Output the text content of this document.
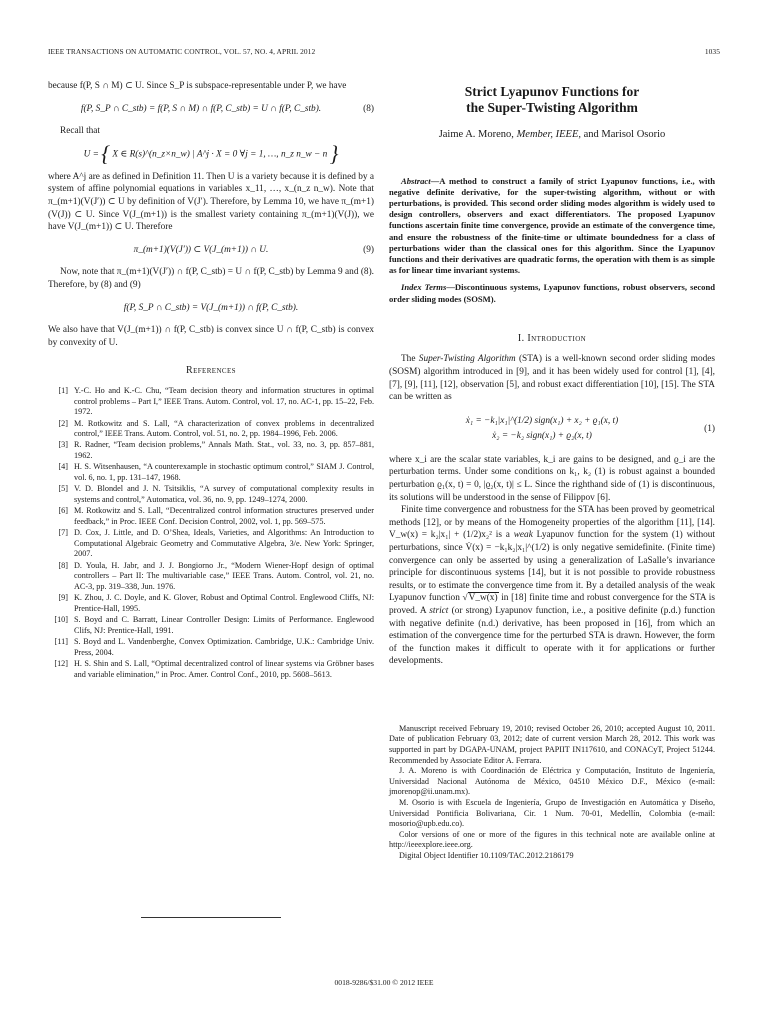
IEEE TRANSACTIONS ON AUTOMATIC CONTROL, VOL. 57, NO. 4, APRIL 2012	1035

because f(P, S ∩ M) ⊂ U. Since S_P is subspace-representable under P, we have

f(P, S_P ∩ C_stb) = f(P, S ∩ M) ∩ f(P, C_stb) = U ∩ f(P, C_stb).	(8)

Recall that

U = { X ∈ R(s)^(n_z×n_w) | A^j · X = 0 ∀j = 1, …, n_z n_w − n }

where A^j are as defined in Definition 11. Then U is a variety because it is defined by a system of affine polynomial equations in variables x_11, …, x_(n_z n_w). Note that π_(m+1)(V(J′)) ⊂ U by definition of V(J′). Therefore, by Lemma 10, we have π_(m+1)(V(J)) ⊂ U. Since V(J_(m+1)) is the smallest variety containing π_(m+1)(V(J)), we have V(J_(m+1)) ⊂ U. Therefore

π_(m+1)(V(J′)) ⊂ V(J_(m+1)) ∩ U.	(9)

Now, note that π_(m+1)(V(J′)) ∩ f(P, C_stb) = U ∩ f(P, C_stb) by Lemma 9 and (8). Therefore, by (8) and (9)

f(P, S_P ∩ C_stb) = V(J_(m+1)) ∩ f(P, C_stb).

We also have that V(J_(m+1)) ∩ f(P, C_stb) is convex since U ∩ f(P, C_stb) is convex by convexity of U.

References
[1] Y.-C. Ho and K.-C. Chu, “Team decision theory and information structures in optimal control problems – Part I,” IEEE Trans. Autom. Control, vol. 17, no. AC-1, pp. 15–22, Feb. 1972.
[2] M. Rotkowitz and S. Lall, “A characterization of convex problems in decentralized control,” IEEE Trans. Autom. Control, vol. 51, no. 2, pp. 1984–1996, Feb. 2006.
[3] R. Radner, “Team decision problems,” Annals Math. Stat., vol. 33, no. 3, pp. 857–881, 1962.
[4] H. S. Witsenhausen, “A counterexample in stochastic optimum control,” SIAM J. Control, vol. 6, no. 1, pp. 131–147, 1968.
[5] V. D. Blondel and J. N. Tsitsiklis, “A survey of computational complexity results in systems and control,” Automatica, vol. 36, no. 9, pp. 1249–1274, 2000.
[6] M. Rotkowitz and S. Lall, “Decentralized control information structures preserved under feedback,” in Proc. IEEE Conf. Decision Control, 2002, vol. 1, pp. 569–575.
[7] D. Cox, J. Little, and D. O’Shea, Ideals, Varieties, and Algorithms: An Introduction to Computational Algebraic Geometry and Commutative Algebra, 3/e. New York: Springer, 2007.
[8] D. Youla, H. Jabr, and J. J. Bongiorno Jr., “Modern Wiener-Hopf design of optimal controllers – Part II: The multivariable case,” IEEE Trans. Autom. Control, vol. 21, no. AC-3, pp. 319–338, Jun. 1976.
[9] K. Zhou, J. C. Doyle, and K. Glover, Robust and Optimal Control. Englewood Cliffs, NJ: Prentice-Hall, 1995.
[10] S. Boyd and C. Barratt, Linear Controller Design: Limits of Performance. Englewood Clifs, NJ: Prentice-Hall, 1991.
[11] S. Boyd and L. Vandenberghe, Convex Optimization. Cambridge, U.K.: Cambridge Univ. Press, 2004.
[12] H. S. Shin and S. Lall, “Optimal decentralized control of linear systems via Gröbner bases and variable elimination,” in Proc. Amer. Control Conf., 2010, pp. 5608–5613.
Strict Lyapunov Functions for
the Super-Twisting Algorithm
Jaime A. Moreno, Member, IEEE, and Marisol Osorio

Abstract—A method to construct a family of strict Lyapunov functions, i.e., with negative definite derivative, for the super-twisting algorithm, without or with perturbations, is provided. This second order sliding modes algorithm is widely used to design controllers, observers and exact differentiators. The proposed Lyapunov functions ascertain finite time convergence, provide an estimate of the convergence time, and ensure the robustness of the finite-time or ultimate boundedness for a class of perturbations wider than the classical ones for this algorithm. Since the Lyapunov functions and their derivatives are quadratic forms, the operation with them is as simple as for linear time invariant systems.

Index Terms—Discontinuous systems, Lyapunov functions, robust observers, second order sliding modes (SOSM).

I. Introduction

The Super-Twisting Algorithm (STA) is a well-known second order sliding modes (SOSM) algorithm introduced in [9], and it has been widely used for control [1], [4], [7], [9], [11], [12], observation [5], and robust exact differentiation [10], [15]. The STA can be written as

ẋ₁ = −k₁|x₁|^(1/2) sign(x₁) + x₂ + ϱ₁(x, t)
ẋ₂ = −k₂ sign(x₁) + ϱ₂(x, t)
(1)

where x_i are the scalar state variables, k_i are gains to be designed, and ϱ_i are the perturbation terms. Under some conditions on k₁, k₂ (1) is robust against a bounded perturbation ϱ₁(x, t) = 0, |ϱ₂(x, t)| ≤ L. Since the righthand side of (1) is discontinuous, its solutions will be understood in the sense of Filippov [6].

Finite time convergence and robustness for the STA has been proved by geometrical methods [12], or by means of the Homogeneity properties of the algorithm [11], [14]. V_w(x) = k₂|x₁| + (1/2)x₂² is a weak Lyapunov function for the system (1) without perturbations, since V̇(x) = −k₁k₂|x₁|^(1/2) is only negative semidefinite. (Finite time) convergence can only be asserted by using a generalization of LaSalle’s invariance principle for discontinuous systems [14], but it is not possible to provide robustness results, or to estimate the convergence time from it. By a detailed analysis of the weak Lyapunov function √V_w(x) in [18] finite time and robust convergence for the STA is proved. A strict (or strong) Lyapunov function, i.e., a positive definite (p.d.) function with negative definite (n.d.) derivative, has been proposed in [16], from which an estimation of the convergence time for the perturbed STA is drawn. However, the form of the function makes it difficult to operate with it for applications or further developments.

Manuscript received February 19, 2010; revised October 26, 2010; accepted August 10, 2011. Date of publication February 03, 2012; date of current version March 28, 2012. This work was supported in part by DGAPA-UNAM, project PAPIIT IN117610, and CONACyT, Project 51244. Recommended by Associate Editor A. Ferrara.

J. A. Moreno is with Coordinación de Eléctrica y Computación, Instituto de Ingeniería, Universidad Nacional Autónoma de México, 04510 México D.F., México (e-mail: jmorenop@ii.unam.mx).

M. Osorio is with Escuela de Ingeniería, Grupo de Investigación en Automática y Diseño, Universidad Pontificia Bolivariana, Cir. 1 Num. 70-01, Medellín, Colombia (e-mail: mosorio@upb.edu.co).

Color versions of one or more of the figures in this technical note are available online at http://ieeexplore.ieee.org.

Digital Object Identifier 10.1109/TAC.2012.2186179

0018-9286/$31.00 © 2012 IEEE
